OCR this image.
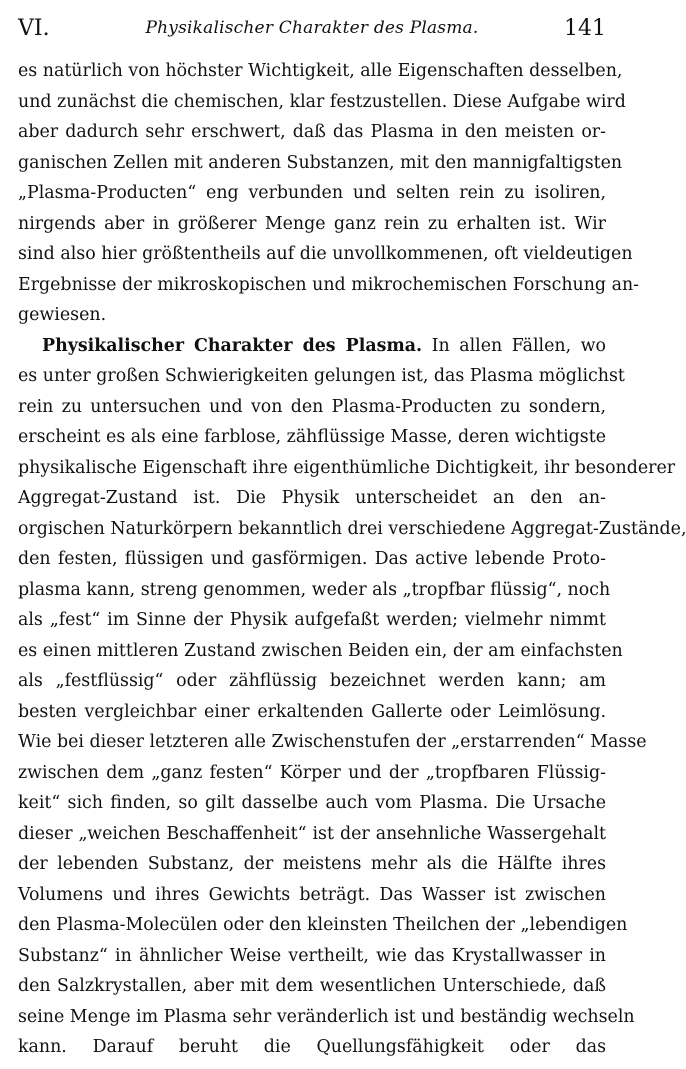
VI.	Physikalischer Charakter des Plasma.	141
es natürlich von höchster Wichtigkeit, alle Eigenschaften desselben,
und zunächst die chemischen, klar festzustellen. Diese Aufgabe wird
aber dadurch sehr erschwert, daß das Plasma in den meisten or-
ganischen Zellen mit anderen Substanzen, mit den mannigfaltigsten
„Plasma-Producten“ eng verbunden und selten rein zu isoliren,
nirgends aber in größerer Menge ganz rein zu erhalten ist. Wir
sind also hier größtentheils auf die unvollkommenen, oft vieldeutigen
Ergebnisse der mikroskopischen und mikrochemischen Forschung an-
gewiesen.
Physikalischer Charakter des Plasma. In allen Fällen, wo
es unter großen Schwierigkeiten gelungen ist, das Plasma möglichst
rein zu untersuchen und von den Plasma-Producten zu sondern,
erscheint es als eine farblose, zähflüssige Masse, deren wichtigste
physikalische Eigenschaft ihre eigenthümliche Dichtigkeit, ihr besonderer
Aggregat-Zustand ist. Die Physik unterscheidet an den an-
orgischen Naturkörpern bekanntlich drei verschiedene Aggregat-Zustände,
den festen, flüssigen und gasförmigen. Das active lebende Proto-
plasma kann, streng genommen, weder als „tropfbar flüssig“, noch
als „fest“ im Sinne der Physik aufgefaßt werden; vielmehr nimmt
es einen mittleren Zustand zwischen Beiden ein, der am einfachsten
als „festflüssig“ oder zähflüssig bezeichnet werden kann; am
besten vergleichbar einer erkaltenden Gallerte oder Leimlösung.
Wie bei dieser letzteren alle Zwischenstufen der „erstarrenden“ Masse
zwischen dem „ganz festen“ Körper und der „tropfbaren Flüssig-
keit“ sich finden, so gilt dasselbe auch vom Plasma. Die Ursache
dieser „weichen Beschaffenheit“ ist der ansehnliche Wassergehalt
der lebenden Substanz, der meistens mehr als die Hälfte ihres
Volumens und ihres Gewichts beträgt. Das Wasser ist zwischen
den Plasma-Molecülen oder den kleinsten Theilchen der „lebendigen
Substanz“ in ähnlicher Weise vertheilt, wie das Krystallwasser in
den Salzkrystallen, aber mit dem wesentlichen Unterschiede, daß
seine Menge im Plasma sehr veränderlich ist und beständig wechseln
kann. Darauf beruht die Quellungsfähigkeit oder das
